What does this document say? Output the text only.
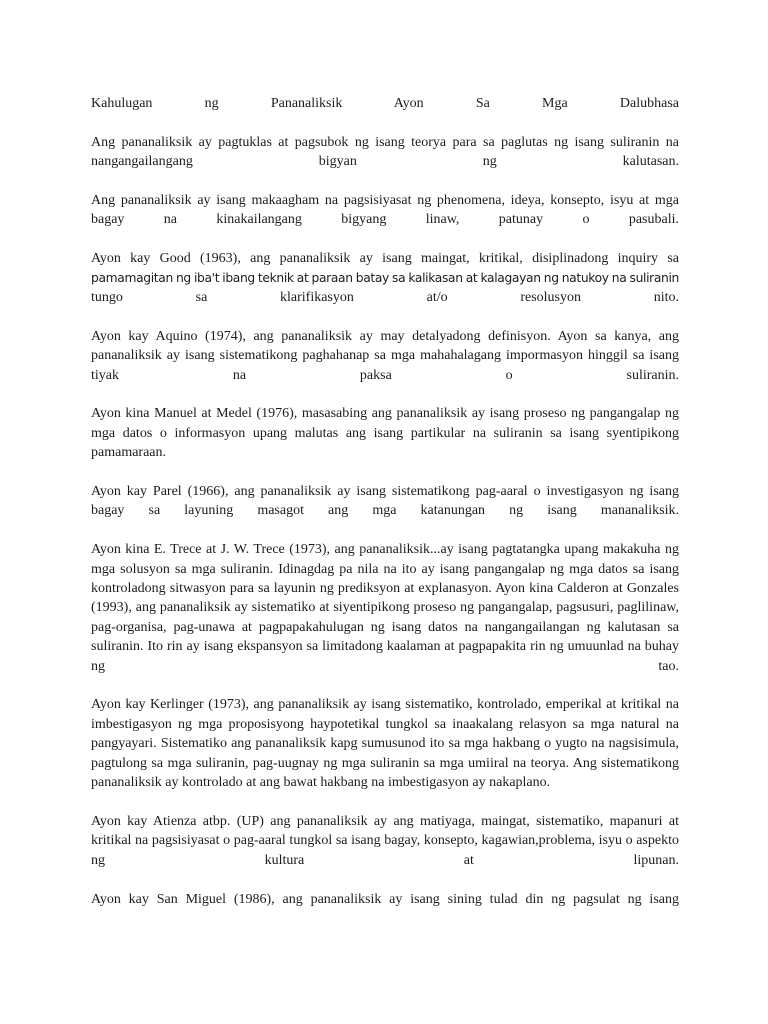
Kahulugan ng Pananaliksik Ayon Sa Mga Dalubhasa

Ang pananaliksik ay pagtuklas at pagsubok ng isang teorya para sa paglutas ng isang suliranin na nangangailangang bigyan ng kalutasan.

Ang pananaliksik ay isang makaagham na pagsisiyasat ng phenomena, ideya, konsepto, isyu at mga bagay na kinakailangang bigyang linaw, patunay o pasubali.

Ayon kay Good (1963), ang pananaliksik ay isang maingat, kritikal, disiplinadong inquiry sa
pamamagitan ng iba't ibang teknik at paraan batay sa kalikasan at kalagayan ng natukoy na suliranin
tungo sa klarifikasyon at/o resolusyon nito.

Ayon kay Aquino (1974), ang pananaliksik ay may detalyadong definisyon. Ayon sa kanya, ang pananaliksik ay isang sistematikong paghahanap sa mga mahahalagang impormasyon hinggil sa isang tiyak na paksa o suliranin.

Ayon kina Manuel at Medel (1976), masasabing ang pananaliksik ay isang proseso ng pangangalap ng mga datos o informasyon upang malutas ang isang partikular na suliranin sa isang syentipikong pamamaraan.

Ayon kay Parel (1966), ang pananaliksik ay isang sistematikong pag-aaral o investigasyon ng isang bagay sa layuning masagot ang mga katanungan ng isang mananaliksik.

Ayon kina E. Trece at J. W. Trece (1973), ang pananaliksik...ay isang pagtatangka upang makakuha ng mga solusyon sa mga suliranin. Idinagdag pa nila na ito ay isang pangangalap ng mga datos sa isang kontroladong sitwasyon para sa layunin ng prediksyon at explanasyon. Ayon kina Calderon at Gonzales (1993), ang pananaliksik ay sistematiko at siyentipikong proseso ng pangangalap, pagsusuri, paglilinaw, pag-organisa, pag-unawa at pagpapakahulugan ng isang datos na nangangailangan ng kalutasan sa suliranin. Ito rin ay isang ekspansyon sa limitadong kaalaman at pagpapakita rin ng umuunlad na buhay ng tao.

Ayon kay Kerlinger (1973), ang pananaliksik ay isang sistematiko, kontrolado, emperikal at kritikal na imbestigasyon ng mga proposisyong haypotetikal tungkol sa inaakalang relasyon sa mga natural na pangyayari. Sistematiko ang pananaliksik kapg sumusunod ito sa mga hakbang o yugto na nagsisimula, pagtulong sa mga suliranin, pag-uugnay ng mga suliranin sa mga umiiral na teorya. Ang sistematikong pananaliksik ay kontrolado at ang bawat hakbang na imbestigasyon ay nakaplano.

Ayon kay Atienza atbp. (UP) ang pananaliksik ay ang matiyaga, maingat, sistematiko, mapanuri at kritikal na pagsisiyasat o pag-aaral tungkol sa isang bagay, konsepto, kagawian,problema, isyu o aspekto ng kultura at lipunan.

Ayon kay San Miguel (1986), ang pananaliksik ay isang sining tulad din ng pagsulat ng isang
